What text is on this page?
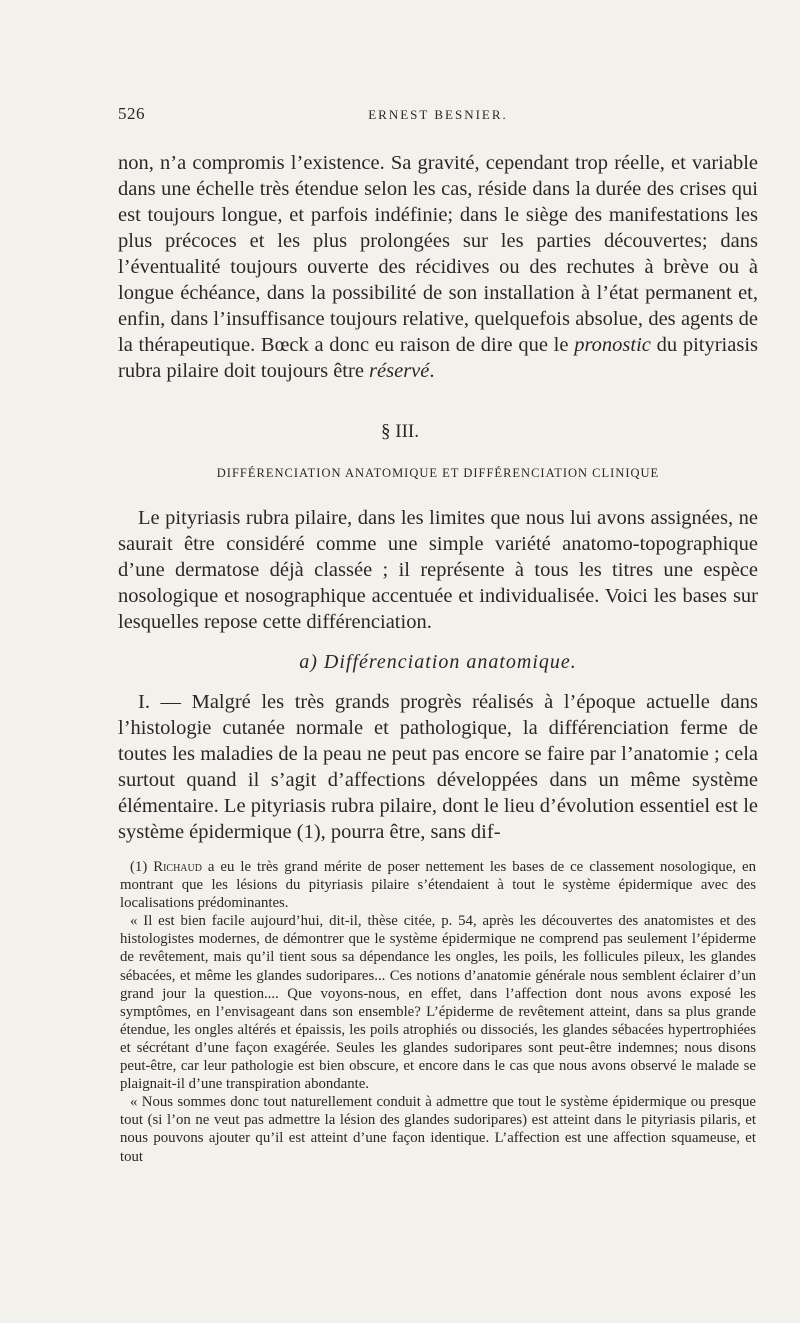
526	ERNEST BESNIER.
non, n’a compromis l’existence. Sa gravité, cependant trop réelle, et variable dans une échelle très étendue selon les cas, réside dans la durée des crises qui est toujours longue, et parfois indéfinie; dans le siège des manifestations les plus précoces et les plus prolongées sur les parties découvertes; dans l’éventualité toujours ouverte des récidives ou des rechutes à brève ou à longue échéance, dans la possibilité de son installation à l’état permanent et, enfin, dans l’insuffisance toujours relative, quelquefois absolue, des agents de la thérapeutique. Bœck a donc eu raison de dire que le pronostic du pityriasis rubra pilaire doit toujours être réservé.
§ III.
DIFFÉRENCIATION ANATOMIQUE ET DIFFÉRENCIATION CLINIQUE
Le pityriasis rubra pilaire, dans les limites que nous lui avons assignées, ne saurait être considéré comme une simple variété anatomo-topographique d’une dermatose déjà classée ; il représente à tous les titres une espèce nosologique et nosographique accentuée et individualisée. Voici les bases sur lesquelles repose cette différenciation.
a) Différenciation anatomique.
I. — Malgré les très grands progrès réalisés à l’époque actuelle dans l’histologie cutanée normale et pathologique, la différenciation ferme de toutes les maladies de la peau ne peut pas encore se faire par l’anatomie ; cela surtout quand il s’agit d’affections développées dans un même système élémentaire. Le pityriasis rubra pilaire, dont le lieu d’évolution essentiel est le système épidermique (1), pourra être, sans dif-

(1) Richaud a eu le très grand mérite de poser nettement les bases de ce classement nosologique, en montrant que les lésions du pityriasis pilaire s’étendaient à tout le système épidermique avec des localisations prédominantes.

« Il est bien facile aujourd’hui, dit-il, thèse citée, p. 54, après les découvertes des anatomistes et des histologistes modernes, de démontrer que le système épidermique ne comprend pas seulement l’épiderme de revêtement, mais qu’il tient sous sa dépendance les ongles, les poils, les follicules pileux, les glandes sébacées, et même les glandes sudoripares... Ces notions d’anatomie générale nous semblent éclairer d’un grand jour la question.... Que voyons-nous, en effet, dans l’affection dont nous avons exposé les symptômes, en l’envisageant dans son ensemble? L’épiderme de revêtement atteint, dans sa plus grande étendue, les ongles altérés et épaissis, les poils atrophiés ou dissociés, les glandes sébacées hypertrophiées et sécrétant d’une façon exagérée. Seules les glandes sudoripares sont peut-être indemnes; nous disons peut-être, car leur pathologie est bien obscure, et encore dans le cas que nous avons observé le malade se plaignait-il d’une transpiration abondante.

« Nous sommes donc tout naturellement conduit à admettre que tout le système épidermique ou presque tout (si l’on ne veut pas admettre la lésion des glandes sudoripares) est atteint dans le pityriasis pilaris, et nous pouvons ajouter qu’il est atteint d’une façon identique. L’affection est une affection squameuse, et tout
